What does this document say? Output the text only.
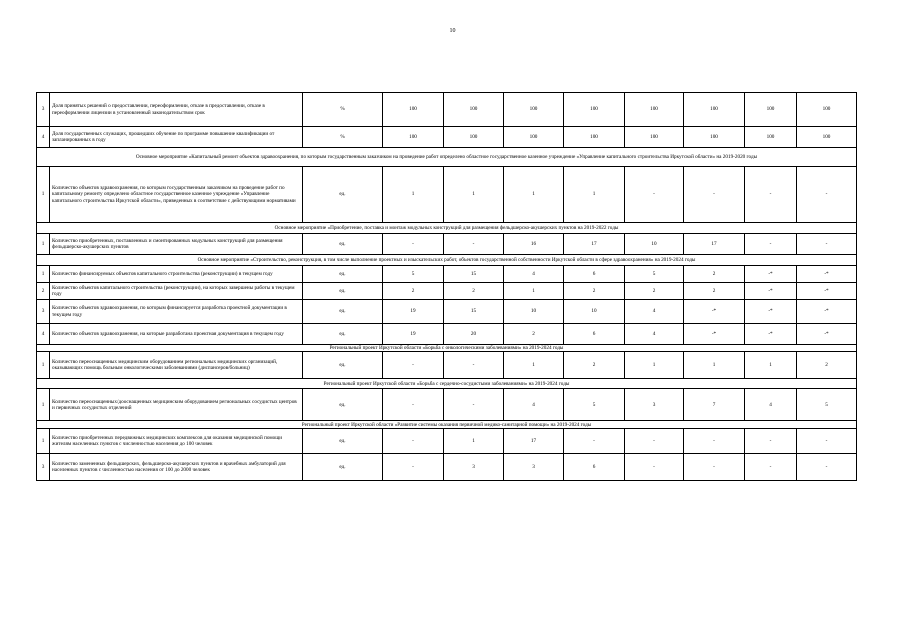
10
3	Доля принятых решений о предоставлении, переоформлении, отказе в предоставлении, отказе в переоформлении лицензии в установленный законодательством срок	%	100	100	100	100	100	100	100	100
4	Доля государственных служащих, прошедших обучение по программе повышение квалификации от запланированных в году	%	100	100	100	100	100	100	100	100
Основное мероприятие «Капитальный ремонт объектов здравоохранения, по которым государственным заказчиком на проведение работ определено областное государственное казенное учреждение «Управление капитального строительства Иркутской области» на 2019-2020 годы										
1	Количество объектов здравоохранения, по которым государственным заказчиком на проведение работ по капитальному ремонту определено областное государственное казенное учреждение «Управление капитального строительства Иркутской области», приведенных в соответствие с действующими нормативами	ед.	1	1	1	1	-	-	-	-
Основное мероприятие «Приобретение, поставка и монтаж модульных конструкций для размещения фельдшерско-акушерских пунктов на 2019-2022 годы										
1	Количество приобретенных, поставленных и смонтированных модульных конструкций для размещения фельдшерско-акушерских пунктов	ед.	-	-	16	17	10	17	-	-
Основное мероприятие «Строительство, реконструкция, в том числе выполнение проектных и изыскательских работ, объектов государственной собственности Иркутской области в сфере здравоохранения» на 2019-2024 годы										
1	Количество финансируемых объектов капитального строительства (реконструкции) в текущем году	ед.	5	15	4	6	5	2	-*	-*
2	Количество объектов капитального строительства (реконструкции), на которых завершены работы в текущем году	ед.	2	2	1	2	2	2	-*	-*
3	Количество объектов здравоохранения, по которым финансируется разработка проектной документации в текущем году	ед.	19	15	10	10	4	-*	-*	-*
4	Количество объектов здравоохранения, на которые разработана проектная документация в текущем году	ед.	19	20	2	6	4	-*	-*	-*
Региональный проект Иркутской области «Борьба с онкологическими заболеваниями» на 2019-2024 годы										
1	Количество переоснащенных медицинским оборудованием региональных медицинских организаций, оказывающих помощь больным онкологическими заболеваниями (диспансеров/больниц)	ед.	-	-	1	2	1	1	1	2
Региональный проект Иркутской области «Борьба с сердечно-сосудистыми заболеваниями» на 2019-2024 годы										
1	Количество переоснащенных/дооснащенных медицинским оборудованием региональных сосудистых центров и первичных сосудистых отделений	ед.	-	-	4	5	3	7	4	5
Региональный проект Иркутской области «Развитие системы оказания первичной медико-санитарной помощи» на 2019-2024 годы										
1	Количество приобретенных передвижных медицинских комплексов для оказания медицинской помощи жителям населенных пунктов с численностью населения до 100 человек	ед.	-	1	17	-	-	-	-	-
3	Количество замененных фельдшерских, фельдшерско-акушерских пунктов и врачебных амбулаторий для населенных пунктов с численностью населения от 100 до 2000 человек	ед.	-	3	3	6	-	-	-	-
